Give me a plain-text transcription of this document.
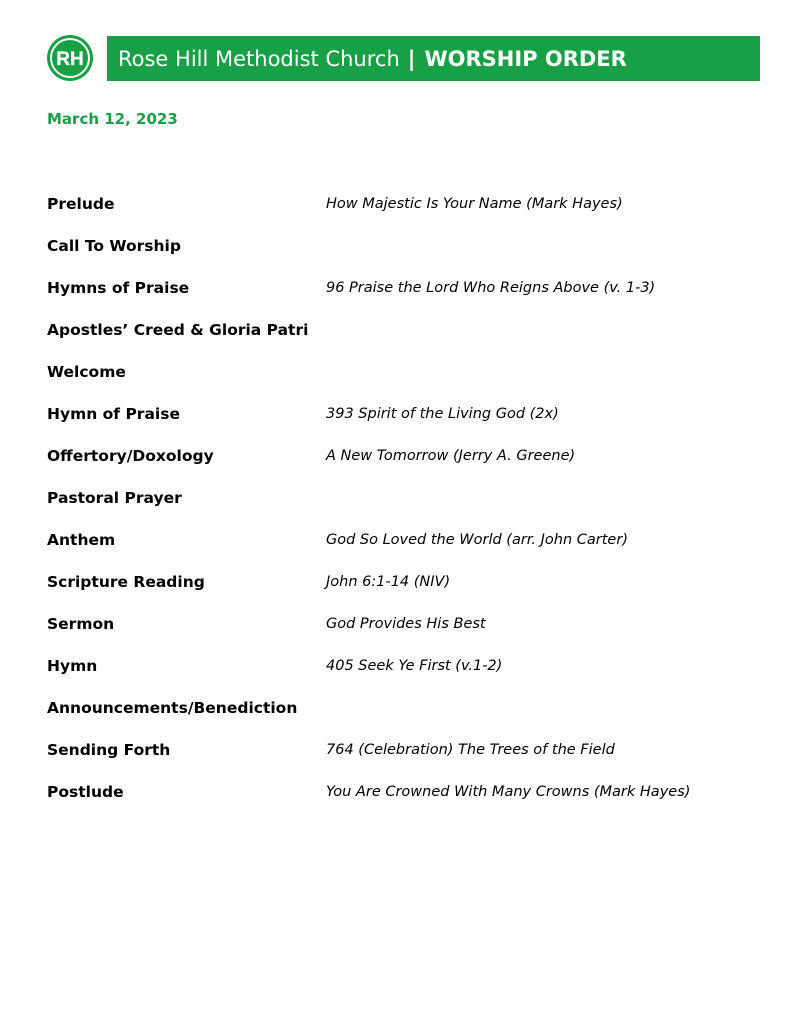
RH Rose Hill Methodist Church | WORSHIP ORDER
March 12, 2023
Prelude	How Majestic Is Your Name (Mark Hayes)
Call To Worship
Hymns of Praise	96 Praise the Lord Who Reigns Above (v. 1-3)
Apostles’ Creed & Gloria Patri
Welcome
Hymn of Praise	393 Spirit of the Living God (2x)
Offertory/Doxology	A New Tomorrow (Jerry A. Greene)
Pastoral Prayer
Anthem	God So Loved the World (arr. John Carter)
Scripture Reading	John 6:1-14 (NIV)
Sermon	God Provides His Best
Hymn	405 Seek Ye First (v.1-2)
Announcements/Benediction
Sending Forth	764 (Celebration) The Trees of the Field
Postlude	You Are Crowned With Many Crowns (Mark Hayes)
